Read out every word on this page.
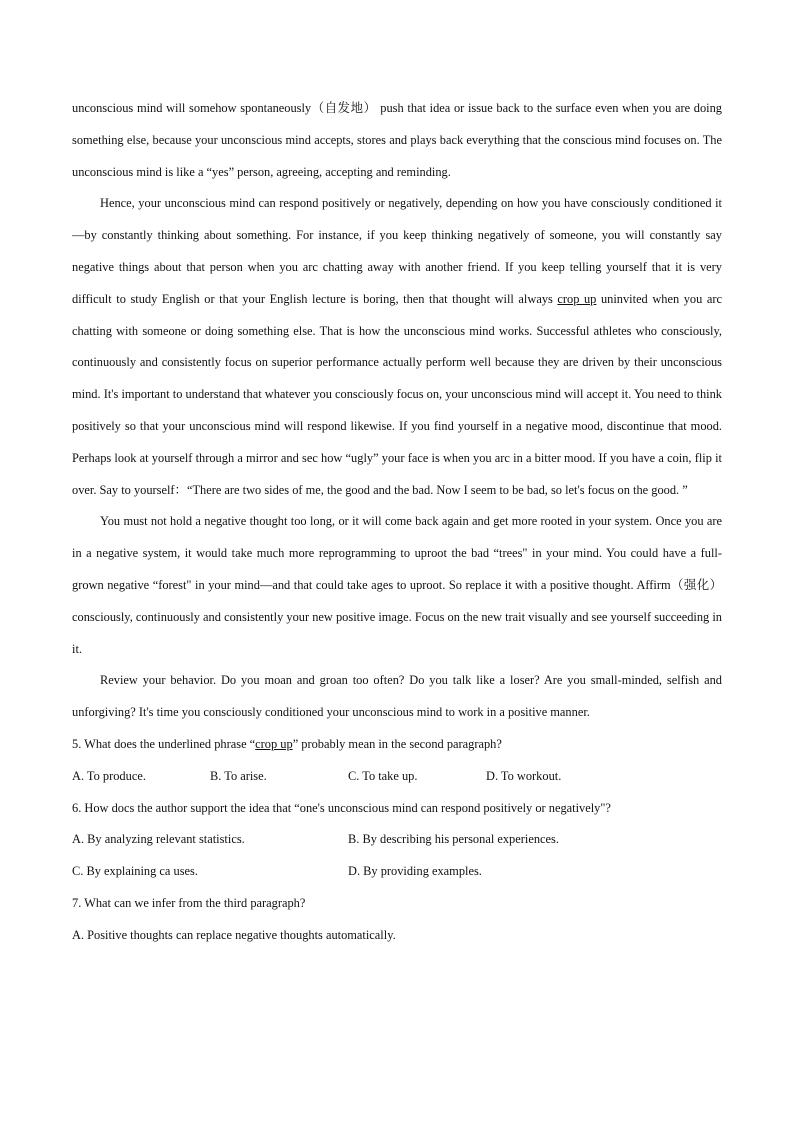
unconscious mind will somehow spontaneously（自发地） push that idea or issue back to the surface even when you are doing something else, because your unconscious mind accepts, stores and plays back everything that the conscious mind focuses on. The unconscious mind is like a “yes” person, agreeing, accepting and reminding.

Hence, your unconscious mind can respond positively or negatively, depending on how you have consciously conditioned it—by constantly thinking about something. For instance, if you keep thinking negatively of someone, you will constantly say negative things about that person when you arc chatting away with another friend. If you keep telling yourself that it is very difficult to study English or that your English lecture is boring, then that thought will always crop up uninvited when you arc chatting with someone or doing something else. That is how the unconscious mind works. Successful athletes who consciously, continuously and consistently focus on superior performance actually perform well because they are driven by their unconscious mind. It's important to understand that whatever you consciously focus on, your unconscious mind will accept it. You need to think positively so that your unconscious mind will respond likewise. If you find yourself in a negative mood, discontinue that mood. Perhaps look at yourself through a mirror and sec how “ugly” your face is when you arc in a bitter mood. If you have a coin, flip it over. Say to yourself：“There are two sides of me, the good and the bad. Now I seem to be bad, so let's focus on the good. ”

You must not hold a negative thought too long, or it will come back again and get more rooted in your system. Once you are in a negative system, it would take much more reprogramming to uproot the bad “trees" in your mind. You could have a full-grown negative “forest" in your mind—and that could take ages to uproot. So replace it with a positive thought. Affirm（强化） consciously, continuously and consistently your new positive image. Focus on the new trait visually and see yourself succeeding in it.

Review your behavior. Do you moan and groan too often? Do you talk like a loser? Are you small-minded, selfish and unforgiving? It's time you consciously conditioned your unconscious mind to work in a positive manner.

5. What does the underlined phrase “crop up” probably mean in the second paragraph?

A. To produce.	B. To arise.	C. To take up.	D. To workout.

6. How docs the author support the idea that “one's unconscious mind can respond positively or negatively"?

A. By analyzing relevant statistics.	B. By describing his personal experiences.
C. By explaining ca uses.	D. By providing examples.

7. What can we infer from the third paragraph?

A. Positive thoughts can replace negative thoughts automatically.
